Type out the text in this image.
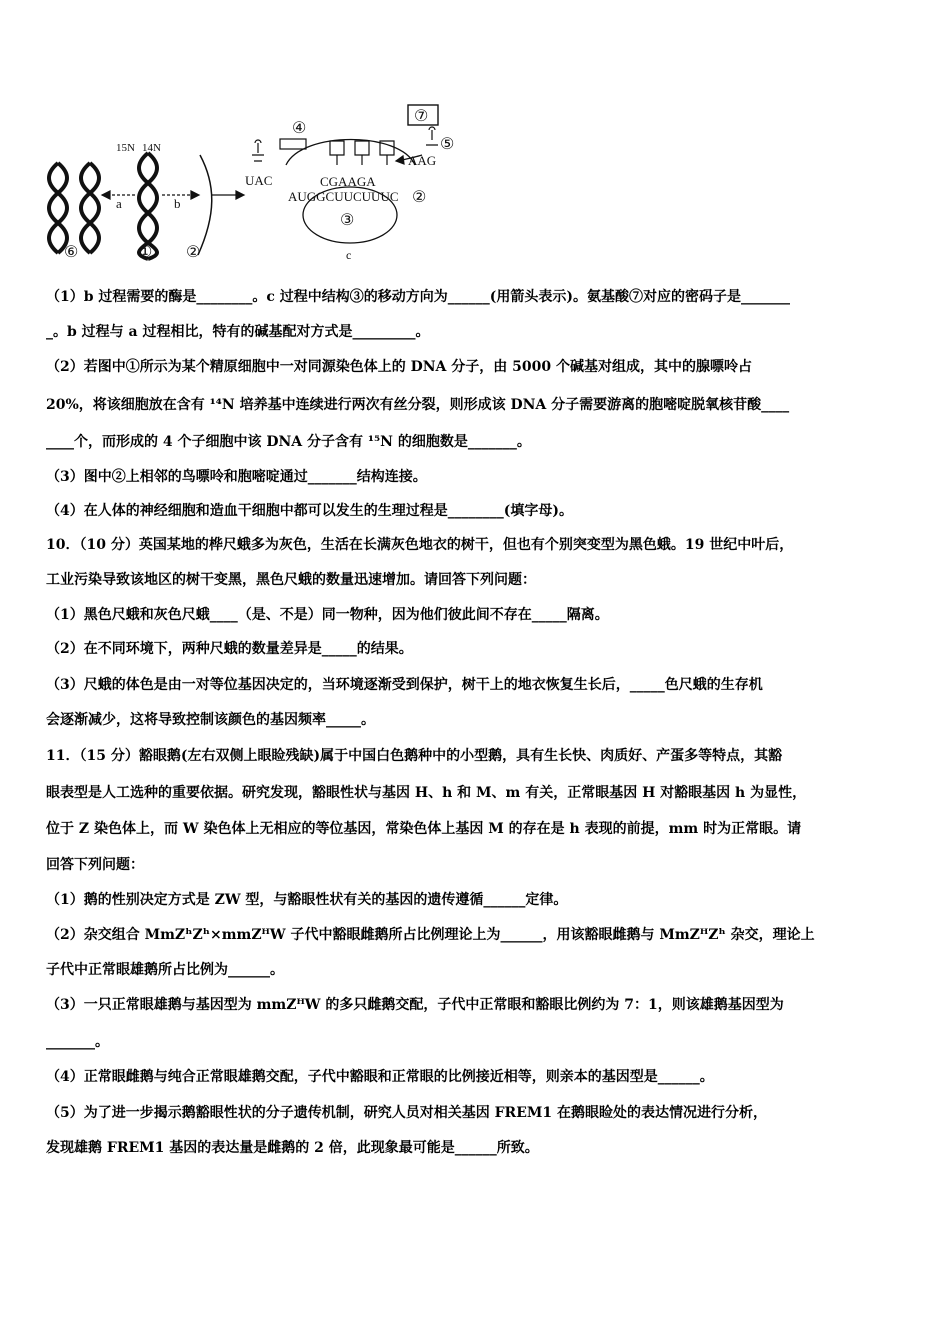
a
15N 14N
b
⑥	① ②
③
c
④
UAC	CGAAGA
AUGGCUUCUUUC ②
AAG
⑤
⑦
（1）b 过程需要的酶是________。c 过程中结构③的移动方向为______(用箭头表示)。氨基酸⑦对应的密码子是_______
_。b 过程与 a 过程相比，特有的碱基配对方式是_________。
（2）若图中①所示为某个精原细胞中一对同源染色体上的 DNA 分子，由 5000 个碱基对组成，其中的腺嘌呤占
20%，将该细胞放在含有 ¹⁴N 培养基中连续进行两次有丝分裂，则形成该 DNA 分子需要游离的胞嘧啶脱氧核苷酸____
____个，而形成的 4 个子细胞中该 DNA 分子含有 ¹⁵N 的细胞数是_______。
（3）图中②上相邻的鸟嘌呤和胞嘧啶通过_______结构连接。
（4）在人体的神经细胞和造血干细胞中都可以发生的生理过程是________(填字母)。
10．（10 分）英国某地的桦尺蛾多为灰色，生活在长满灰色地衣的树干，但也有个别突变型为黑色蛾。19 世纪中叶后，
工业污染导致该地区的树干变黑，黑色尺蛾的数量迅速增加。请回答下列问题：
（1）黑色尺蛾和灰色尺蛾____（是、不是）同一物种，因为他们彼此间不存在_____隔离。
（2）在不同环境下，两种尺蛾的数量差异是_____的结果。
（3）尺蛾的体色是由一对等位基因决定的，当环境逐渐受到保护，树干上的地衣恢复生长后，_____色尺蛾的生存机
会逐渐减少，这将导致控制该颜色的基因频率_____。
11．（15 分）豁眼鹅(左右双侧上眼睑残缺)属于中国白色鹅种中的小型鹅，具有生长快、肉质好、产蛋多等特点，其豁
眼表型是人工选种的重要依据。研究发现，豁眼性状与基因 H、h 和 M、m 有关，正常眼基因 H 对豁眼基因 h 为显性，
位于 Z 染色体上，而 W 染色体上无相应的等位基因，常染色体上基因 M 的存在是 h 表现的前提，mm 时为正常眼。请
回答下列问题：
（1）鹅的性别决定方式是 ZW 型，与豁眼性状有关的基因的遗传遵循______定律。
（2）杂交组合 MmZʰZʰ×mmZᴴW 子代中豁眼雌鹅所占比例理论上为______，用该豁眼雌鹅与 MmZᴴZʰ 杂交，理论上
子代中正常眼雄鹅所占比例为______。
（3）一只正常眼雄鹅与基因型为 mmZᴴW 的多只雌鹅交配，子代中正常眼和豁眼比例约为 7：1，则该雄鹅基因型为
_______。
（4）正常眼雌鹅与纯合正常眼雄鹅交配，子代中豁眼和正常眼的比例接近相等，则亲本的基因型是______。
（5）为了进一步揭示鹅豁眼性状的分子遗传机制，研究人员对相关基因 FREM1 在鹅眼睑处的表达情况进行分析，
发现雄鹅 FREM1 基因的表达量是雌鹅的 2 倍，此现象最可能是______所致。
